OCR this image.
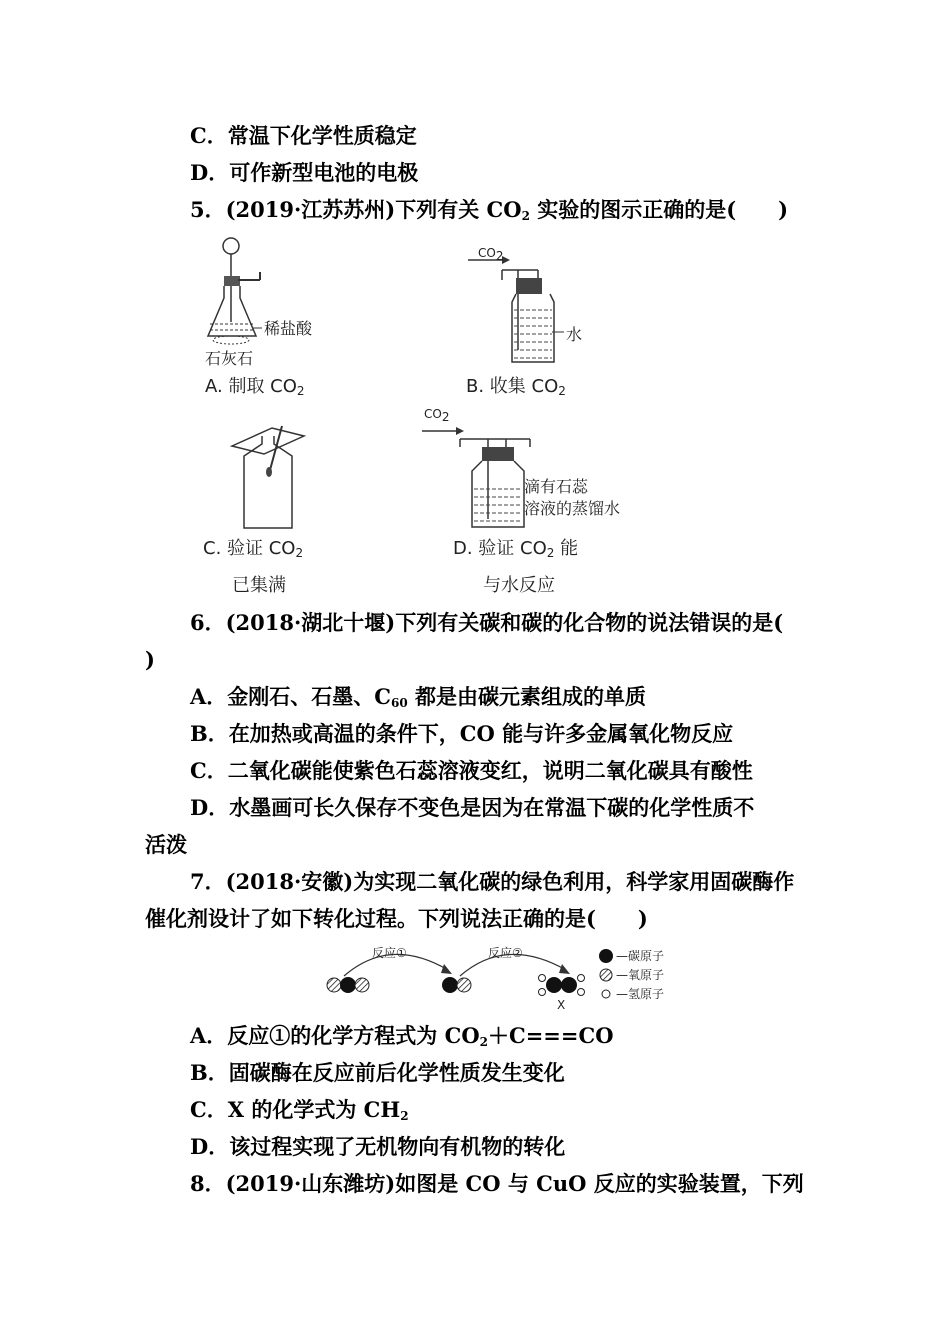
C．常温下化学性质稳定
D．可作新型电池的电极
5．(2019·江苏苏州)下列有关 $CO_2$ 实验的图示正确的是(　　)
稀盐酸
石灰石
A. 制取 $CO_2$
$CO_2$
水
B. 收集 $CO_2$
C. 验证 $CO_2$
已集满
$CO_2$
滴有石蕊
溶液的蒸馏水
D. 验证 $CO_2$ 能
与水反应
6．(2018·湖北十堰)下列有关碳和碳的化合物的说法错误的是(
)
A．金刚石、石墨、$C_{60}$ 都是由碳元素组成的单质
B．在加热或高温的条件下，CO 能与许多金属氧化物反应
C．二氧化碳能使紫色石蕊溶液变红，说明二氧化碳具有酸性
D．水墨画可长久保存不变色是因为在常温下碳的化学性质不
活泼
7．(2018·安徽)为实现二氧化碳的绿色利用，科学家用固碳酶作
催化剂设计了如下转化过程。下列说法正确的是(　　)
反应①	反应②
X
—碳原子
—氧原子
—氢原子
A．反应①的化学方程式为 $CO_2+C===CO$
B．固碳酶在反应前后化学性质发生变化
C．X 的化学式为 $CH_2$
D．该过程实现了无机物向有机物的转化
8．(2019·山东潍坊)如图是 CO 与 CuO 反应的实验装置，下列
